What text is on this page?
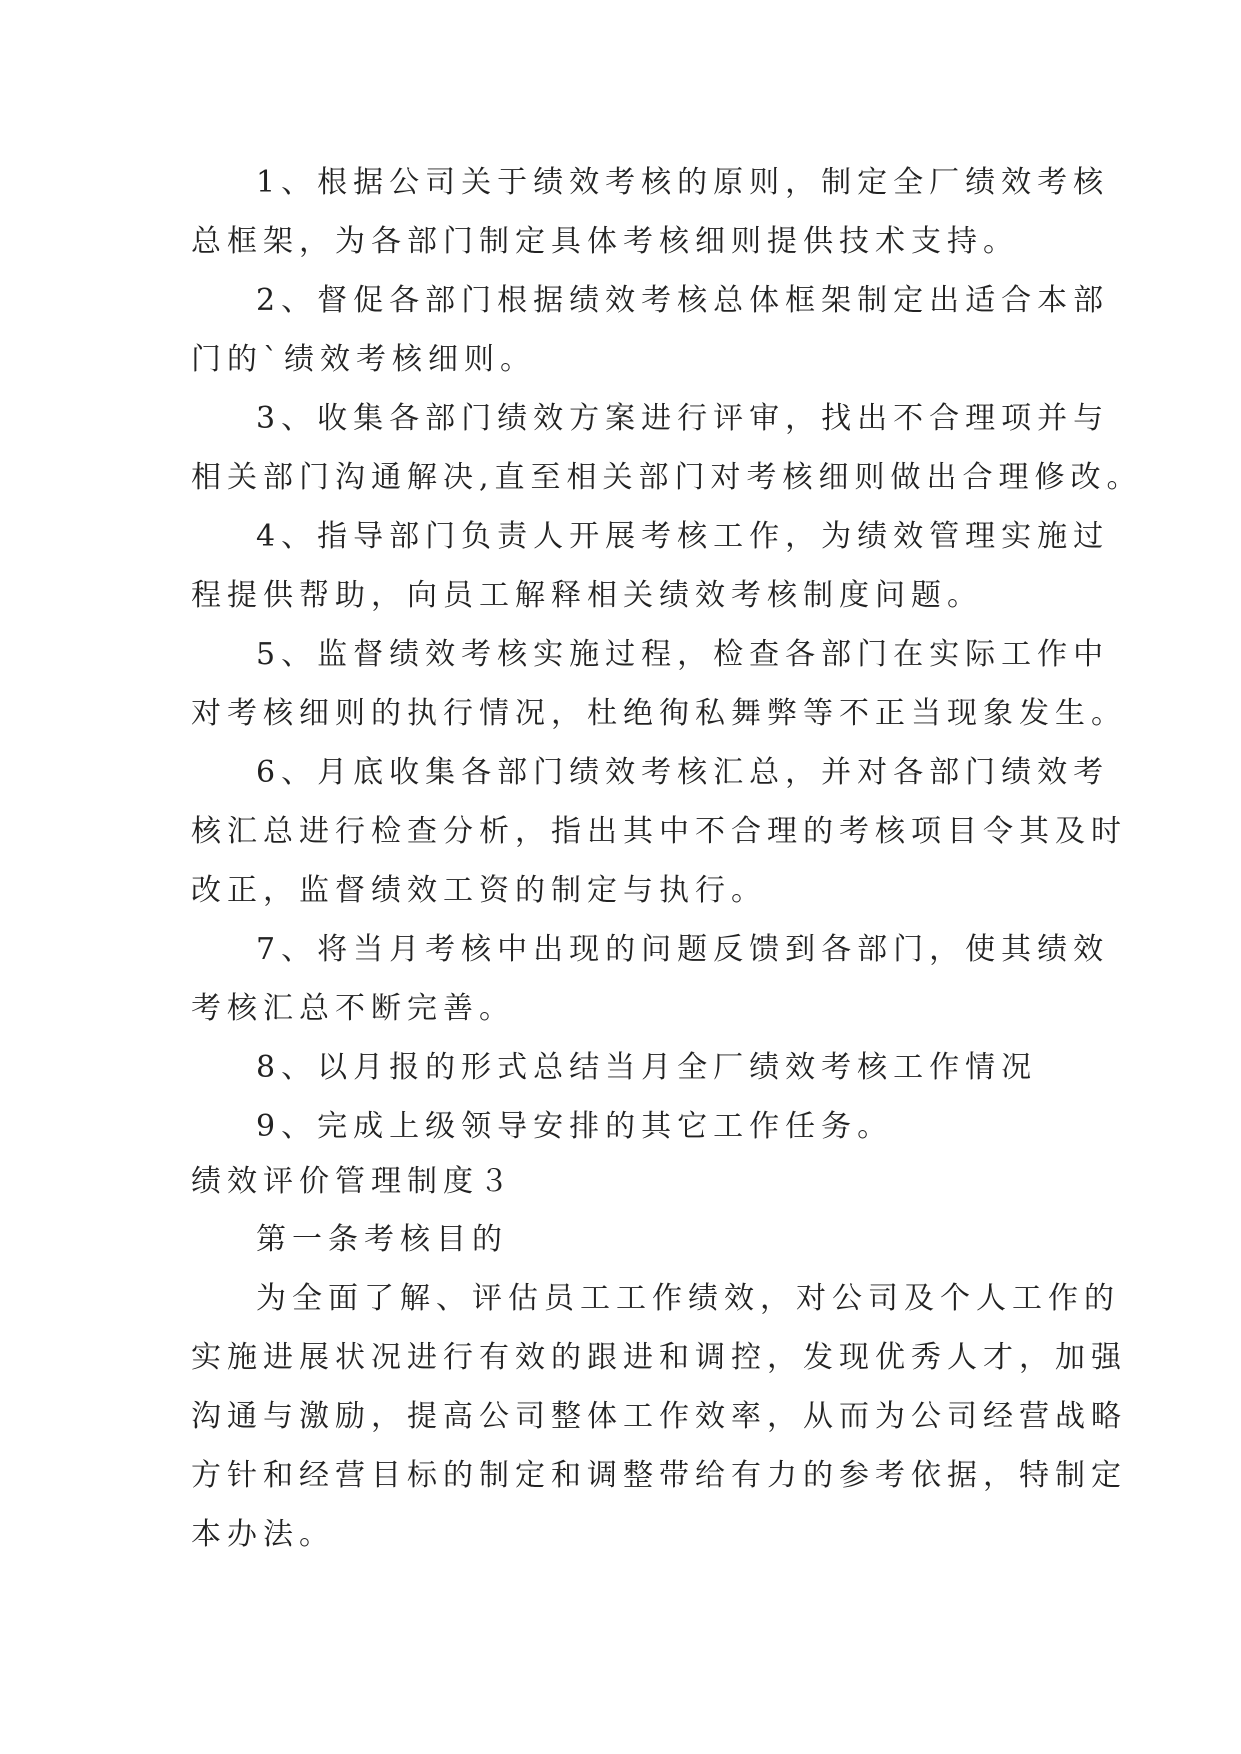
1、根据公司关于绩效考核的原则，制定全厂绩效考核
总框架，为各部门制定具体考核细则提供技术支持。
2、督促各部门根据绩效考核总体框架制定出适合本部
门的`绩效考核细则。
3、收集各部门绩效方案进行评审，找出不合理项并与
相关部门沟通解决,直至相关部门对考核细则做出合理修改。
4、指导部门负责人开展考核工作，为绩效管理实施过
程提供帮助，向员工解释相关绩效考核制度问题。
5、监督绩效考核实施过程，检查各部门在实际工作中
对考核细则的执行情况，杜绝徇私舞弊等不正当现象发生。
6、月底收集各部门绩效考核汇总，并对各部门绩效考
核汇总进行检查分析，指出其中不合理的考核项目令其及时
改正，监督绩效工资的制定与执行。
7、将当月考核中出现的问题反馈到各部门，使其绩效
考核汇总不断完善。
8、以月报的形式总结当月全厂绩效考核工作情况
9、完成上级领导安排的其它工作任务。
绩效评价管理制度３
第一条考核目的
为全面了解、评估员工工作绩效，对公司及个人工作的
实施进展状况进行有效的跟进和调控，发现优秀人才，加强
沟通与激励，提高公司整体工作效率，从而为公司经营战略
方针和经营目标的制定和调整带给有力的参考依据，特制定
本办法。
